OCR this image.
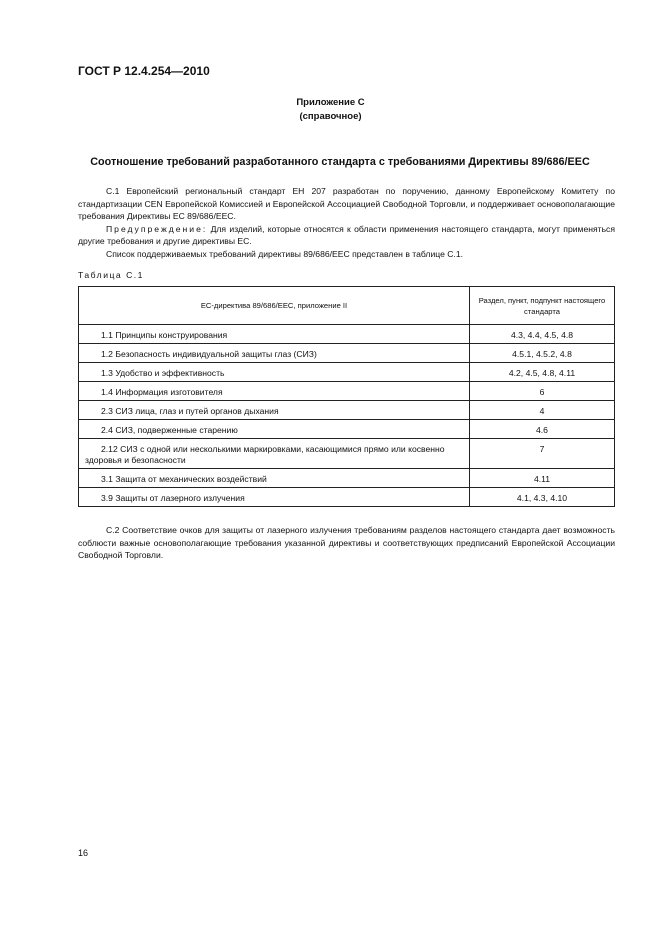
ГОСТ Р 12.4.254—2010
Приложение С
(справочное)
Соотношение требований разработанного стандарта с требованиями Директивы 89/686/ЕЕС

С.1 Европейский региональный стандарт ЕН 207 разработан по поручению, данному Европейскому Комитету по стандартизации CEN Европейской Комиссией и Европейской Ассоциацией Свободной Торговли, и поддерживает основополагающие требования Директивы ЕС 89/686/ЕЕС.

Предупреждение: Для изделий, которые относятся к области применения настоящего стандарта, могут применяться другие требования и другие директивы ЕС.

Список поддерживаемых требований директивы 89/686/ЕЕС представлен в таблице С.1.

Таблица С.1
ЕС-директива 89/686/ЕЕС, приложение II	Раздел, пункт, подпункт настоящего стандарта

1.1 Принципы конструирования	4.3, 4.4, 4.5, 4.8

1.2 Безопасность индивидуальной защиты глаз (СИЗ)	4.5.1, 4.5.2, 4.8

1.3 Удобство и эффективность	4.2, 4.5, 4.8, 4.11

1.4 Информация изготовителя	6

2.3 СИЗ лица, глаз и путей органов дыхания	4

2.4 СИЗ, подверженные старению	4.6

2.12 СИЗ с одной или несколькими маркировками, касающимися прямо или косвенно здоровья и безопасности	7

3.1 Защита от механических воздействий	4.11

3.9 Защиты от лазерного излучения	4.1, 4.3, 4.10

С.2 Соответствие очков для защиты от лазерного излучения требованиям разделов настоящего стандарта дает возможность соблюсти важные основополагающие требования указанной директивы и соответствующих предписаний Европейской Ассоциации Свободной Торговли.

16
